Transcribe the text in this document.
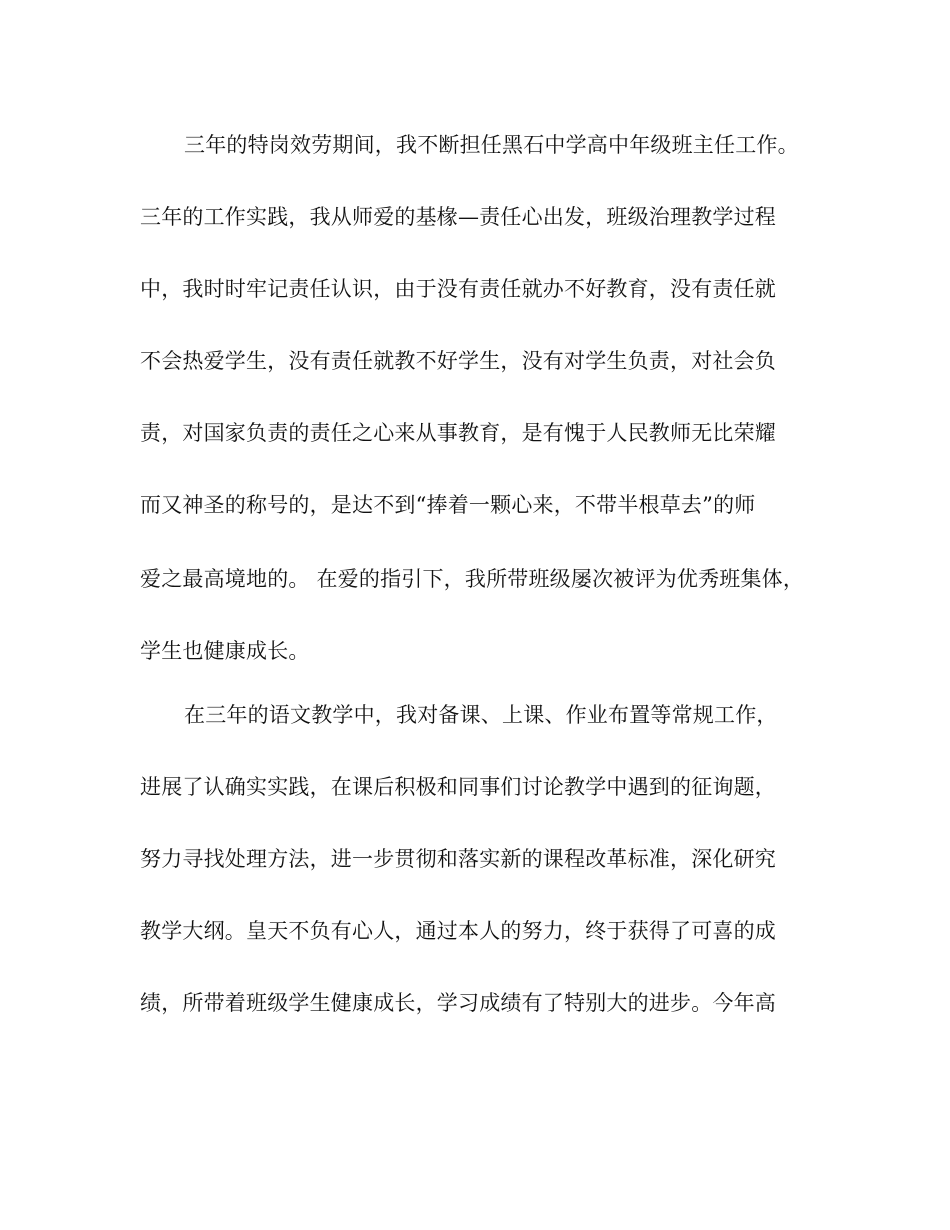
三年的特岗效劳期间，我不断担任黑石中学高中年级班主任工作。
三年的工作实践，我从师爱的基椽—责任心出发，班级治理教学过程
中，我时时牢记责任认识，由于没有责任就办不好教育，没有责任就
不会热爱学生，没有责任就教不好学生，没有对学生负责，对社会负
责，对国家负责的责任之心来从事教育，是有愧于人民教师无比荣耀
而又神圣的称号的，是达不到“捧着一颗心来，不带半根草去”的师
爱之最高境地的。 在爱的指引下，我所带班级屡次被评为优秀班集体，
学生也健康成长。
在三年的语文教学中，我对备课、上课、作业布置等常规工作，
进展了认确实实践，在课后积极和同事们讨论教学中遇到的征询题，
努力寻找处理方法，进一步贯彻和落实新的课程改革标准，深化研究
教学大纲。皇天不负有心人，通过本人的努力，终于获得了可喜的成
绩，所带着班级学生健康成长，学习成绩有了特别大的进步。今年高
